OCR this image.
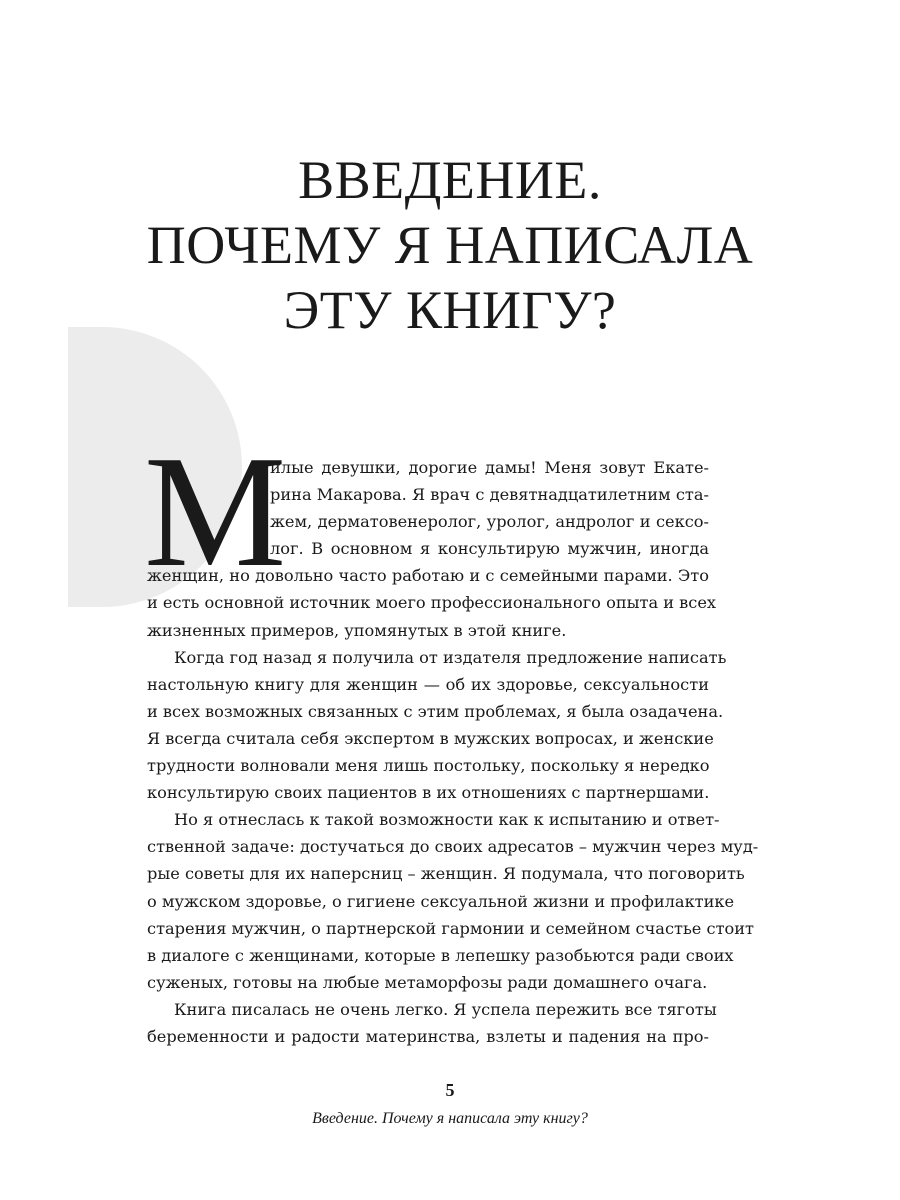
ВВЕДЕНИЕ.
ПОЧЕМУ Я НАПИСАЛА
ЭТУ КНИГУ?
М

илые девушки, дорогие дамы! Меня зовут Екате-
рина Макарова. Я врач с девятнадцатилетним ста-
жем, дерматовенеролог, уролог, андролог и сексо-
лог. В основном я консультирую мужчин, иногда
женщин, но довольно часто работаю и с семейными парами. Это
и есть основной источник моего профессионального опыта и всех
жизненных примеров, упомянутых в этой книге.

Когда год назад я получила от издателя предложение написать
настольную книгу для женщин — об их здоровье, сексуальности
и всех возможных связанных с этим проблемах, я была озадачена.
Я всегда считала себя экспертом в мужских вопросах, и женские
трудности волновали меня лишь постольку, поскольку я нередко
консультирую своих пациентов в их отношениях с партнершами.

Но я отнеслась к такой возможности как к испытанию и ответ-
ственной задаче: достучаться до своих адресатов – мужчин через муд-
рые советы для их наперсниц – женщин. Я подумала, что поговорить
о мужском здоровье, о гигиене сексуальной жизни и профилактике
старения мужчин, о партнерской гармонии и семейном счастье стоит
в диалоге с женщинами, которые в лепешку разобьются ради своих
суженых, готовы на любые метаморфозы ради домашнего очага.

Книга писалась не очень легко. Я успела пережить все тяготы
беременности и радости материнства, взлеты и падения на про-

5
Введение. Почему я написала эту книгу?
